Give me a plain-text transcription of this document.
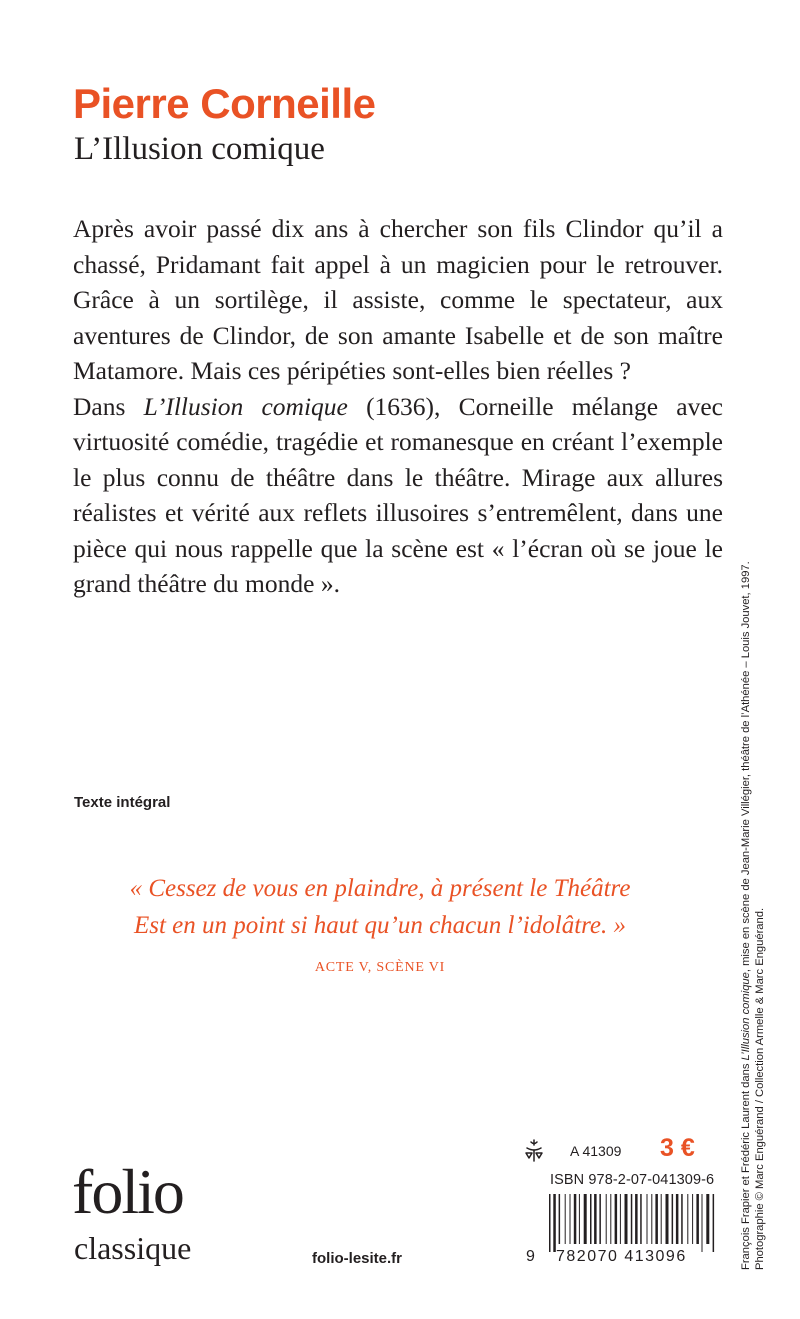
Pierre Corneille
L’Illusion comique

Après avoir passé dix ans à chercher son fils Clindor qu’il a chassé, Pridamant fait appel à un magicien pour le retrouver. Grâce à un sortilège, il assiste, comme le spectateur, aux aventures de Clindor, de son amante Isabelle et de son maître Matamore. Mais ces péripéties sont-elles bien réelles ?

Dans L’Illusion comique (1636), Corneille mélange avec virtuosité comédie, tragédie et romanesque en créant l’exemple le plus connu de théâtre dans le théâtre. Mirage aux allures réalistes et vérité aux reflets illusoires s’entremêlent, dans une pièce qui nous rappelle que la scène est « l’écran où se joue le grand théâtre du monde ».

Texte intégral
« Cessez de vous en plaindre, à présent le Théâtre
Est en un point si haut qu’un chacun l’idolâtre. »
ACTE V, SCÈNE VI
folio
classique	folio-lesite.fr
A 41309 3 €
ISBN 978-2-07-041309-6
9 782070 413096	François Frapier et Frédéric Laurent dans L’Illusion comique, mise en scène de Jean-Marie Villégier, théâtre de l’Athénée – Louis Jouvet, 1997.
Photographie © Marc Enguérand / Collection Armelle & Marc Enguérand.
